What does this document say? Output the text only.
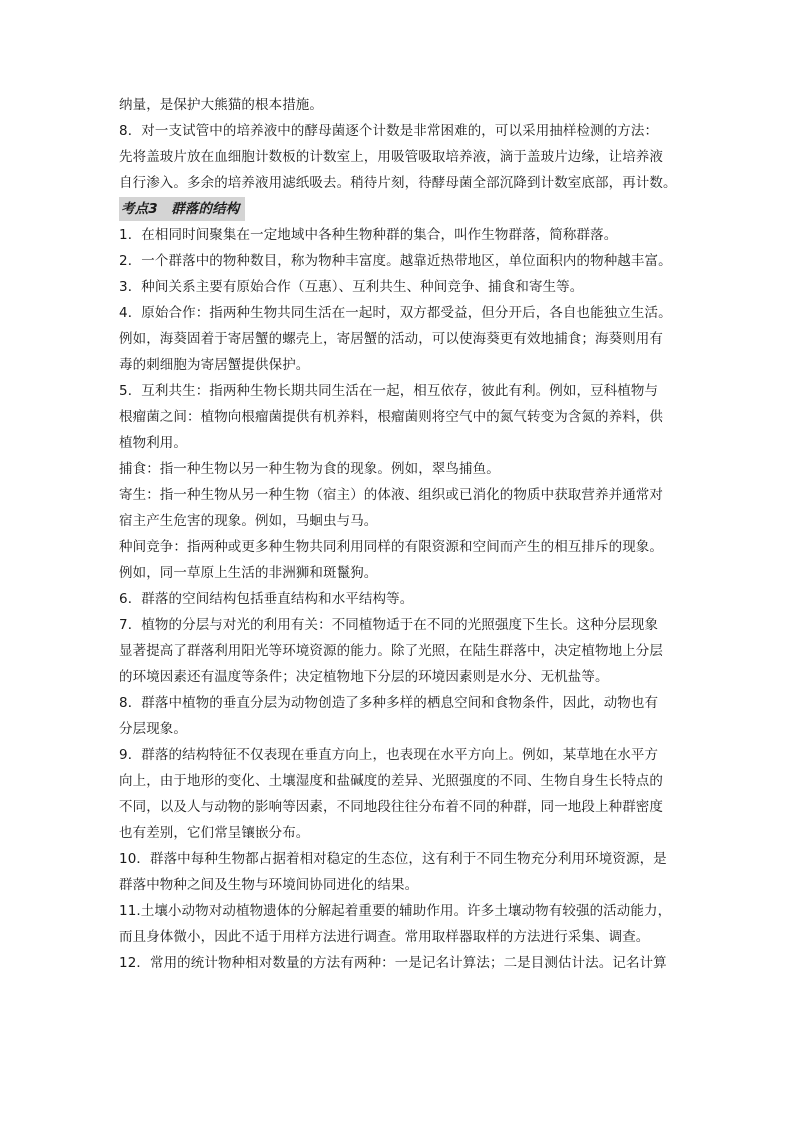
纳量，是保护大熊猫的根本措施。
8．对一支试管中的培养液中的酵母菌逐个计数是非常困难的，可以采用抽样检测的方法：
先将盖玻片放在血细胞计数板的计数室上，用吸管吸取培养液，滴于盖玻片边缘，让培养液
自行渗入。多余的培养液用滤纸吸去。稍待片刻，待酵母菌全部沉降到计数室底部，再计数。
考点3　群落的结构
1．在相同时间聚集在一定地域中各种生物种群的集合，叫作生物群落，简称群落。
2．一个群落中的物种数目，称为物种丰富度。越靠近热带地区，单位面积内的物种越丰富。
3．种间关系主要有原始合作（互惠）、互利共生、种间竞争、捕食和寄生等。
4．原始合作：指两种生物共同生活在一起时，双方都受益，但分开后，各自也能独立生活。
例如，海葵固着于寄居蟹的螺壳上，寄居蟹的活动，可以使海葵更有效地捕食；海葵则用有
毒的刺细胞为寄居蟹提供保护。
5．互利共生：指两种生物长期共同生活在一起，相互依存，彼此有利。例如，豆科植物与
根瘤菌之间：植物向根瘤菌提供有机养料，根瘤菌则将空气中的氮气转变为含氮的养料，供
植物利用。
捕食：指一种生物以另一种生物为食的现象。例如，翠鸟捕鱼。
寄生：指一种生物从另一种生物（宿主）的体液、组织或已消化的物质中获取营养并通常对
宿主产生危害的现象。例如，马蛔虫与马。
种间竞争：指两种或更多种生物共同利用同样的有限资源和空间而产生的相互排斥的现象。
例如，同一草原上生活的非洲狮和斑鬣狗。
6．群落的空间结构包括垂直结构和水平结构等。
7．植物的分层与对光的利用有关：不同植物适于在不同的光照强度下生长。这种分层现象
显著提高了群落利用阳光等环境资源的能力。除了光照，在陆生群落中，决定植物地上分层
的环境因素还有温度等条件；决定植物地下分层的环境因素则是水分、无机盐等。
8．群落中植物的垂直分层为动物创造了多种多样的栖息空间和食物条件，因此，动物也有
分层现象。
9．群落的结构特征不仅表现在垂直方向上，也表现在水平方向上。例如，某草地在水平方
向上，由于地形的变化、土壤湿度和盐碱度的差异、光照强度的不同、生物自身生长特点的
不同，以及人与动物的影响等因素，不同地段往往分布着不同的种群，同一地段上种群密度
也有差别，它们常呈镶嵌分布。
10．群落中每种生物都占据着相对稳定的生态位，这有利于不同生物充分利用环境资源，是
群落中物种之间及生物与环境间协同进化的结果。
11.土壤小动物对动植物遗体的分解起着重要的辅助作用。许多土壤动物有较强的活动能力，
而且身体微小，因此不适于用样方法进行调查。常用取样器取样的方法进行采集、调查。
12．常用的统计物种相对数量的方法有两种：一是记名计算法；二是目测估计法。记名计算
